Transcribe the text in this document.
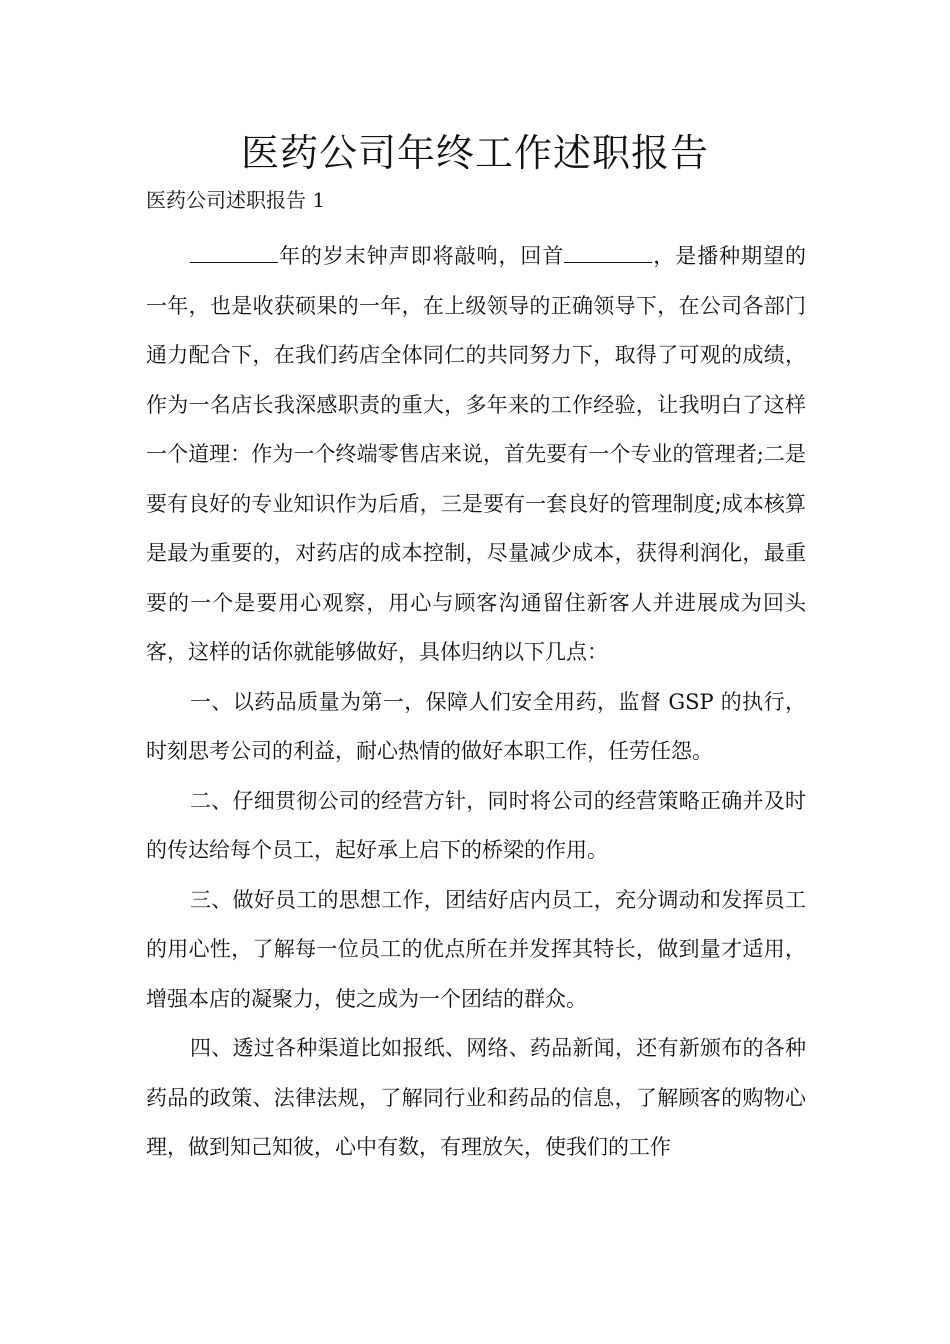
医药公司年终工作述职报告
医药公司述职报告 1

年的岁末钟声即将敲响，回首	，是播种期望的一年，也是收获硕果的一年，在上级领导的正确领导下，在公司各部门通力配合下，在我们药店全体同仁的共同努力下，取得了可观的成绩，作为一名店长我深感职责的重大，多年来的工作经验，让我明白了这样一个道理：作为一个终端零售店来说，首先要有一个专业的管理者;二是要有良好的专业知识作为后盾，三是要有一套良好的管理制度;成本核算是最为重要的，对药店的成本控制，尽量减少成本，获得利润化，最重要的一个是要用心观察，用心与顾客沟通留住新客人并进展成为回头客，这样的话你就能够做好，具体归纳以下几点：

一、以药品质量为第一，保障人们安全用药，监督 GSP 的执行，时刻思考公司的利益，耐心热情的做好本职工作，任劳任怨。

二、仔细贯彻公司的经营方针，同时将公司的经营策略正确并及时的传达给每个员工，起好承上启下的桥梁的作用。

三、做好员工的思想工作，团结好店内员工，充分调动和发挥员工的用心性，了解每一位员工的优点所在并发挥其特长，做到量才适用，增强本店的凝聚力，使之成为一个团结的群众。

四、透过各种渠道比如报纸、网络、药品新闻，还有新颁布的各种药品的政策、法律法规，了解同行业和药品的信息，了解顾客的购物心理，做到知己知彼，心中有数，有理放矢，使我们的工作
